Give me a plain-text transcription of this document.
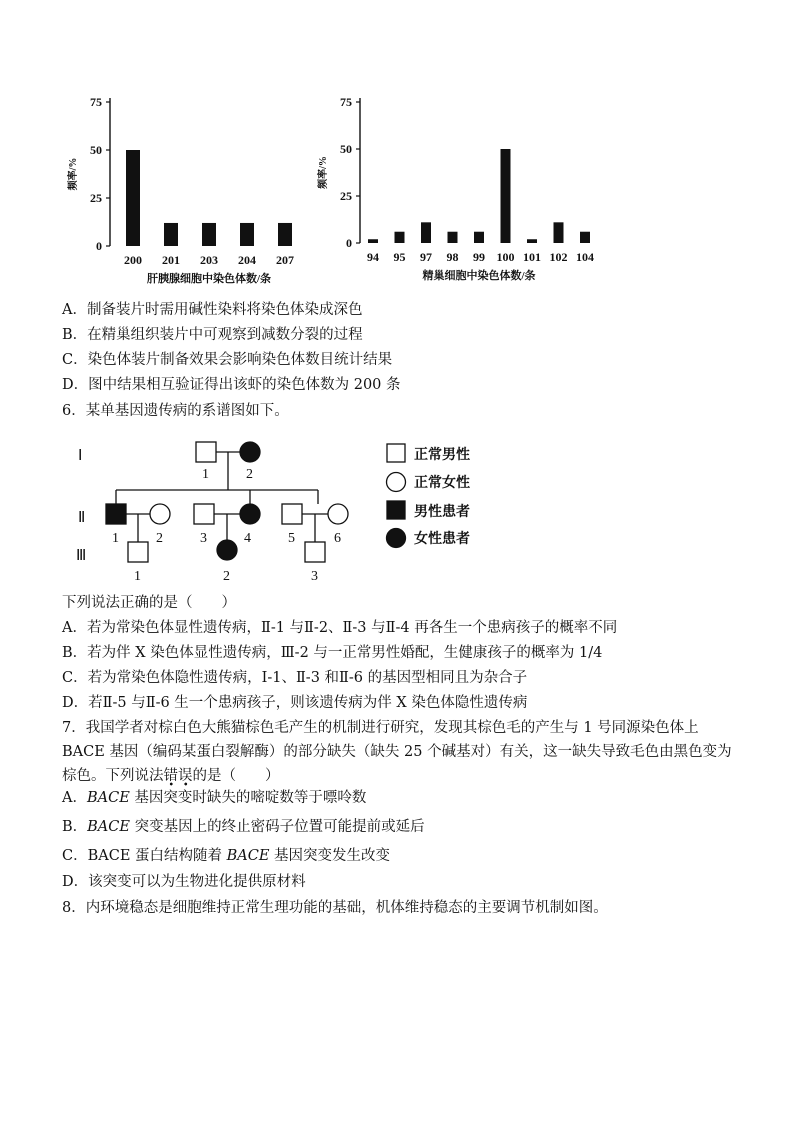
0
25
50
75
频率/%
200 201 203 204 207
肝胰腺细胞中染色体数/条
0
25
50
75
频率/%
94 95 97 98 99 100 101 102 104
精巢细胞中染色体数/条
A．制备装片时需用碱性染料将染色体染成深色
B．在精巢组织装片中可观察到减数分裂的过程
C．染色体装片制备效果会影响染色体数目统计结果
D．图中结果相互验证得出该虾的染色体数为 200 条
6．某单基因遗传病的系谱图如下。
Ⅰ
Ⅱ
Ⅲ
1	2
1	2	3	4	5	6
1	2	3
正常男性
正常女性
男性患者
女性患者
下列说法正确的是（　　）
A．若为常染色体显性遗传病，Ⅱ-1 与Ⅱ-2、Ⅱ-3 与Ⅱ-4 再各生一个患病孩子的概率不同
B．若为伴 X 染色体显性遗传病，Ⅲ-2 与一正常男性婚配，生健康孩子的概率为 1/4
C．若为常染色体隐性遗传病，Ⅰ-1、Ⅱ-3 和Ⅱ-6 的基因型相同且为杂合子
D．若Ⅱ-5 与Ⅱ-6 生一个患病孩子，则该遗传病为伴 X 染色体隐性遗传病
7．我国学者对棕白色大熊猫棕色毛产生的机制进行研究，发现其棕色毛的产生与 1 号同源染色体上 BACE 基因（编码某蛋白裂解酶）的部分缺失（缺失 25 个碱基对）有关，这一缺失导致毛色由黑色变为棕色。下列说法错误的是（　　）
A．BACE 基因突变时缺失的嘧啶数等于嘌呤数
B．BACE 突变基因上的终止密码子位置可能提前或延后
C．BACE 蛋白结构随着 BACE 基因突变发生改变
D．该突变可以为生物进化提供原材料
8．内环境稳态是细胞维持正常生理功能的基础，机体维持稳态的主要调节机制如图。
